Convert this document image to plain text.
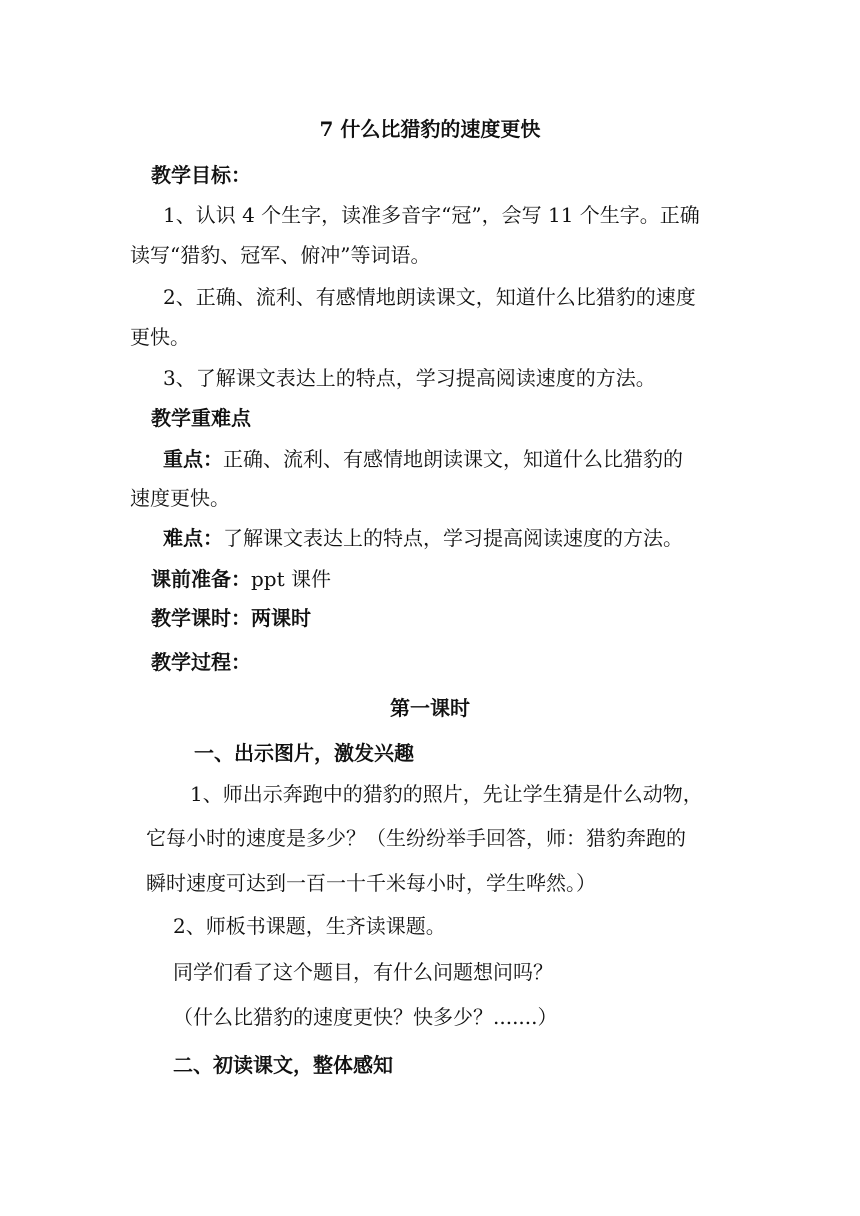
7 什么比猎豹的速度更快
教学目标：
1、认识 4 个生字，读准多音字“冠”，会写 11 个生字。正确
读写“猎豹、冠军、俯冲”等词语。
2、正确、流利、有感情地朗读课文，知道什么比猎豹的速度
更快。
3、了解课文表达上的特点，学习提高阅读速度的方法。
教学重难点
重点：正确、流利、有感情地朗读课文，知道什么比猎豹的
速度更快。
难点：了解课文表达上的特点，学习提高阅读速度的方法。
课前准备：ppt 课件
教学课时：两课时
教学过程：
第一课时
一、出示图片，激发兴趣
1、师出示奔跑中的猎豹的照片，先让学生猜是什么动物，
它每小时的速度是多少？（生纷纷举手回答，师：猎豹奔跑的
瞬时速度可达到一百一十千米每小时，学生哗然。）
2、师板书课题，生齐读课题。
同学们看了这个题目，有什么问题想问吗？
（什么比猎豹的速度更快？快多少？.......）
二、初读课文，整体感知
